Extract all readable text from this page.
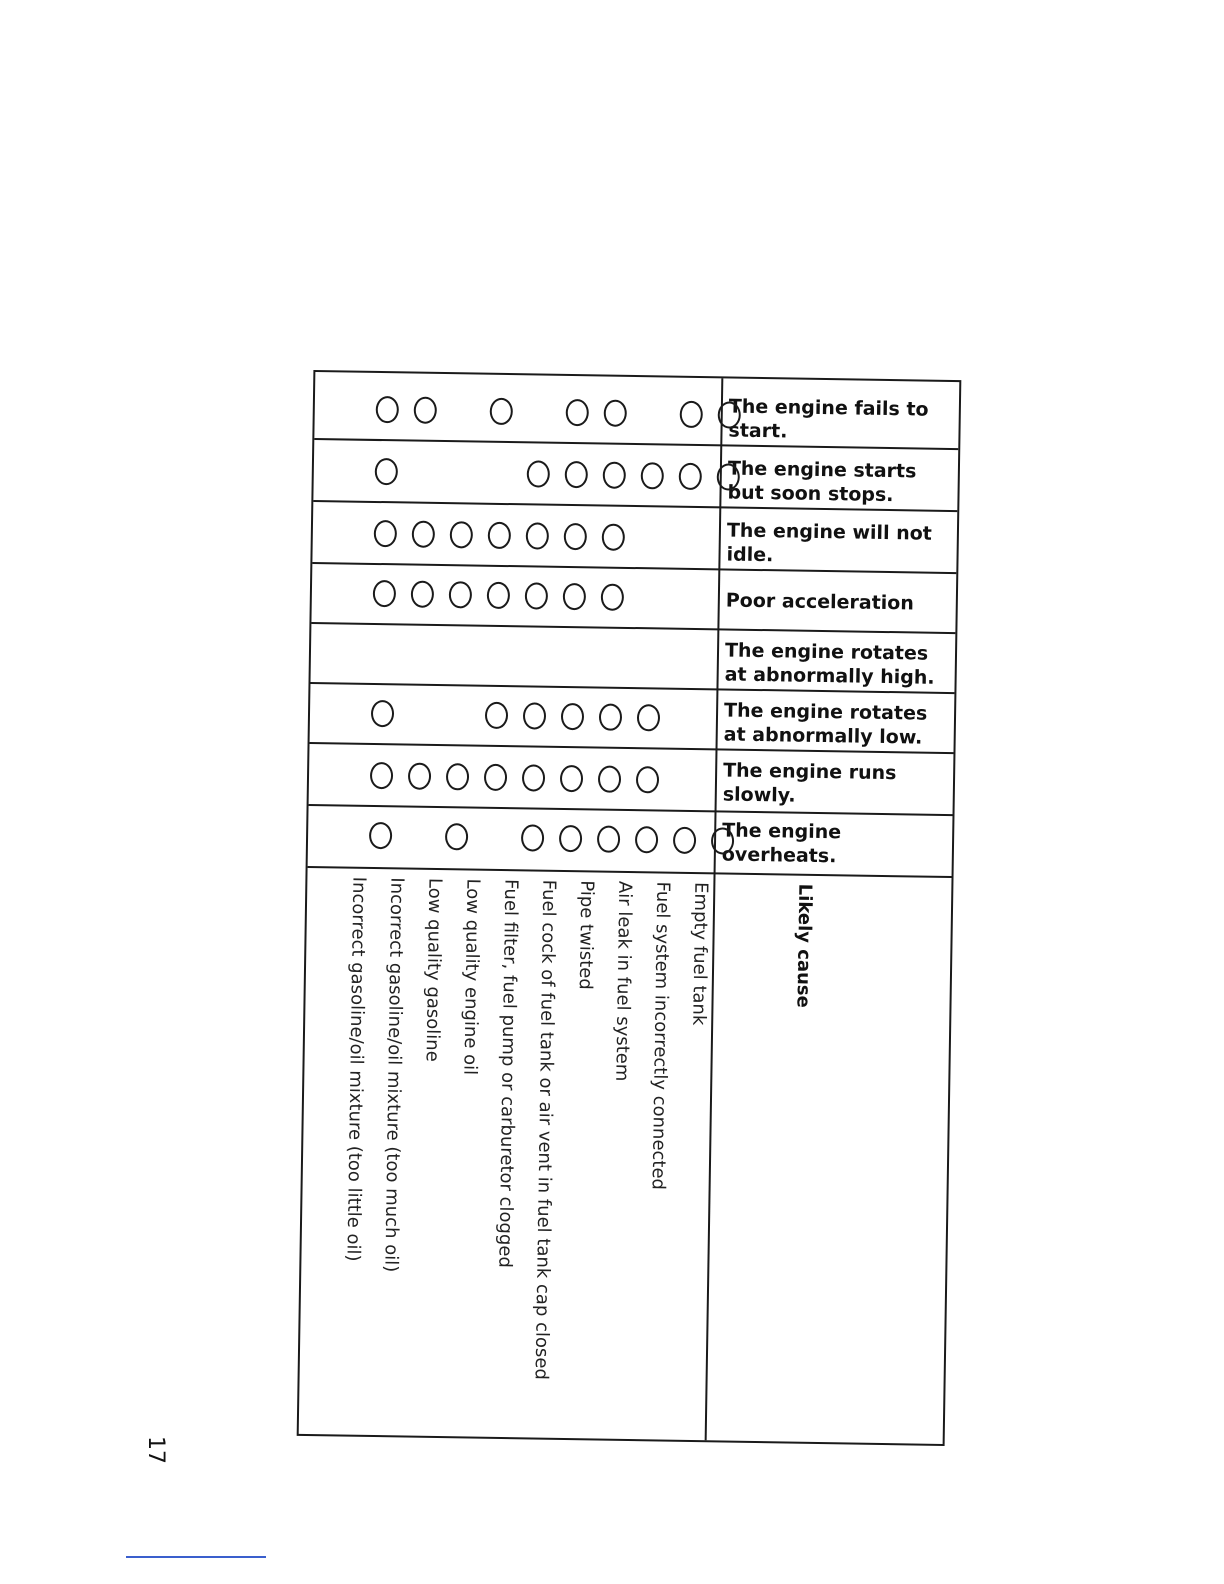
The engine fails to start.
The engine starts but soon stops.
The engine will not idle.
Poor acceleration
The engine rotates at abnormally high.
The engine rotates at abnormally low.
The engine runs slowly.
The engine overheats.
Likely cause
Empty fuel tank
Fuel system incorrectly connected
Air leak in fuel system
Pipe twisted
Fuel cock of fuel tank or air vent in fuel tank cap closed
Fuel filter, fuel pump or carburetor clogged
Low quality engine oil
Low quality gasoline
Incorrect gasoline/oil mixture (too much oil)
Incorrect gasoline/oil mixture (too little oil)
17
